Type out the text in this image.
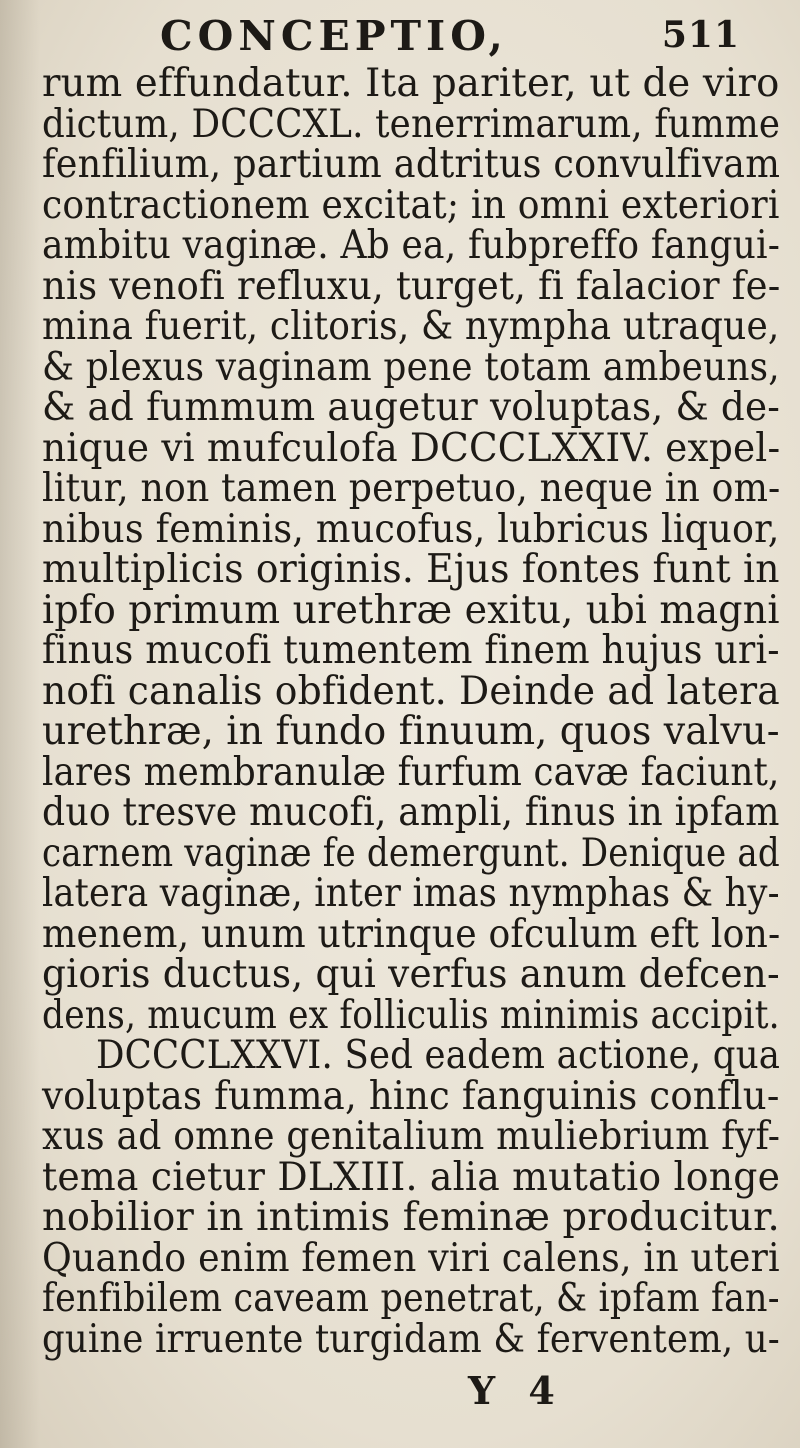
CONCEPTIO,	511
rum effundatur. Ita pariter, ut de viro
dictum, DCCCXL. tenerrimarum, fumme
fenfilium, partium adtritus convulfivam
contractionem excitat; in omni exteriori
ambitu vaginæ. Ab ea, fubpreffo fangui-
nis venofi refluxu, turget, fi falacior fe-
mina fuerit, clitoris, & nympha utraque,
& plexus vaginam pene totam ambeuns,
& ad fummum augetur voluptas, & de-
nique vi mufculofa DCCCLXXIV. expel-
litur, non tamen perpetuo, neque in om-
nibus feminis, mucofus, lubricus liquor,
multiplicis originis. Ejus fontes funt in
ipfo primum urethræ exitu, ubi magni
finus mucofi tumentem finem hujus uri-
nofi canalis obfident. Deinde ad latera
urethræ, in fundo finuum, quos valvu-
lares membranulæ furfum cavæ faciunt,
duo tresve mucofi, ampli, finus in ipfam
carnem vaginæ fe demergunt. Denique ad
latera vaginæ, inter imas nymphas & hy-
menem, unum utrinque ofculum eft lon-
gioris ductus, qui verfus anum defcen-
dens, mucum ex folliculis minimis accipit.
DCCCLXXVI. Sed eadem actione, qua
voluptas fumma, hinc fanguinis conflu-
xus ad omne genitalium muliebrium fyf-
tema cietur DLXIII. alia mutatio longe
nobilior in intimis feminæ producitur.
Quando enim femen viri calens, in uteri
fenfibilem caveam penetrat, & ipfam fan-
guine irruente turgidam & ferventem, u-
Y 4
